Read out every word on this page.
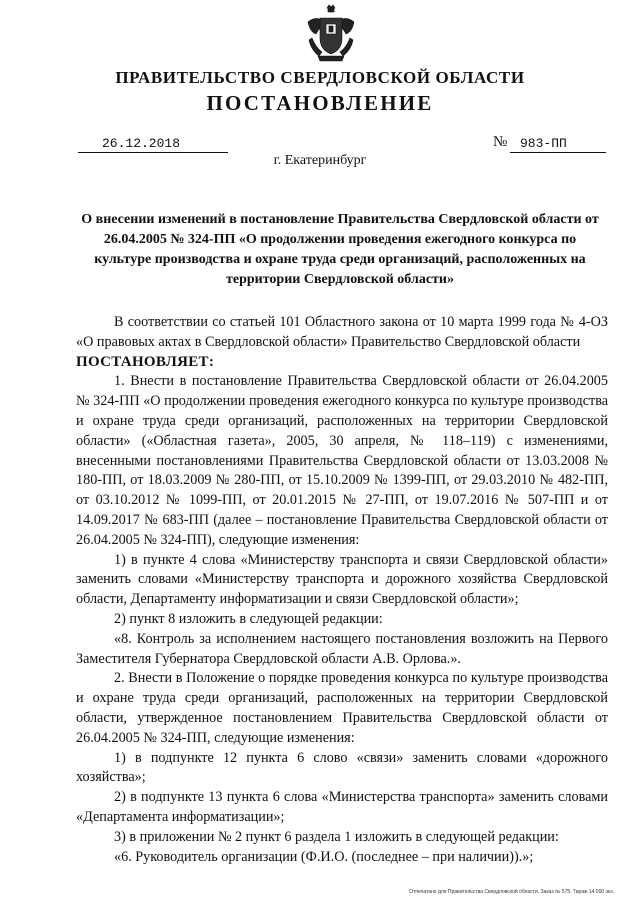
ПРАВИТЕЛЬСТВО СВЕРДЛОВСКОЙ ОБЛАСТИ
ПОСТАНОВЛЕНИЕ
26.12.2018	№ 983-ПП
г. Екатеринбург
О внесении изменений в постановление Правительства Свердловской области от 26.04.2005 № 324-ПП «О продолжении проведения ежегодного конкурса по культуре производства и охране труда среди организаций, расположенных на территории Свердловской области»

В соответствии со статьей 101 Областного закона от 10 марта 1999 года № 4-ОЗ «О правовых актах в Свердловской области» Правительство Свердловской области

ПОСТАНОВЛЯЕТ:

1. Внести в постановление Правительства Свердловской области от 26.04.2005 № 324-ПП «О продолжении проведения ежегодного конкурса по культуре производства и охране труда среди организаций, расположенных на территории Свердловской области» («Областная газета», 2005, 30 апреля, № 118–119) с изменениями, внесенными постановлениями Правительства Свердловской области от 13.03.2008 № 180-ПП, от 18.03.2009 № 280-ПП, от 15.10.2009 № 1399-ПП, от 29.03.2010 № 482-ПП, от 03.10.2012 № 1099-ПП, от 20.01.2015 № 27-ПП, от 19.07.2016 № 507-ПП и от 14.09.2017 № 683-ПП (далее – постановление Правительства Свердловской области от 26.04.2005 № 324-ПП), следующие изменения:

1) в пункте 4 слова «Министерству транспорта и связи Свердловской области» заменить словами «Министерству транспорта и дорожного хозяйства Свердловской области, Департаменту информатизации и связи Свердловской области»;

2) пункт 8 изложить в следующей редакции:

«8. Контроль за исполнением настоящего постановления возложить на Первого Заместителя Губернатора Свердловской области А.В. Орлова.».

2. Внести в Положение о порядке проведения конкурса по культуре производства и охране труда среди организаций, расположенных на территории Свердловской области, утвержденное постановлением Правительства Свердловской области от 26.04.2005 № 324-ПП, следующие изменения:

1) в подпункте 12 пункта 6 слово «связи» заменить словами «дорожного хозяйства»;

2) в подпункте 13 пункта 6 слова «Министерства транспорта» заменить словами «Департамента информатизации»;

3) в приложении № 2 пункт 6 раздела 1 изложить в следующей редакции:

«6. Руководитель организации (Ф.И.О. (последнее – при наличии)).»;

Отпечатано для Правительства Свердловской области. Заказ № 575. Тираж 14 000 экз.
